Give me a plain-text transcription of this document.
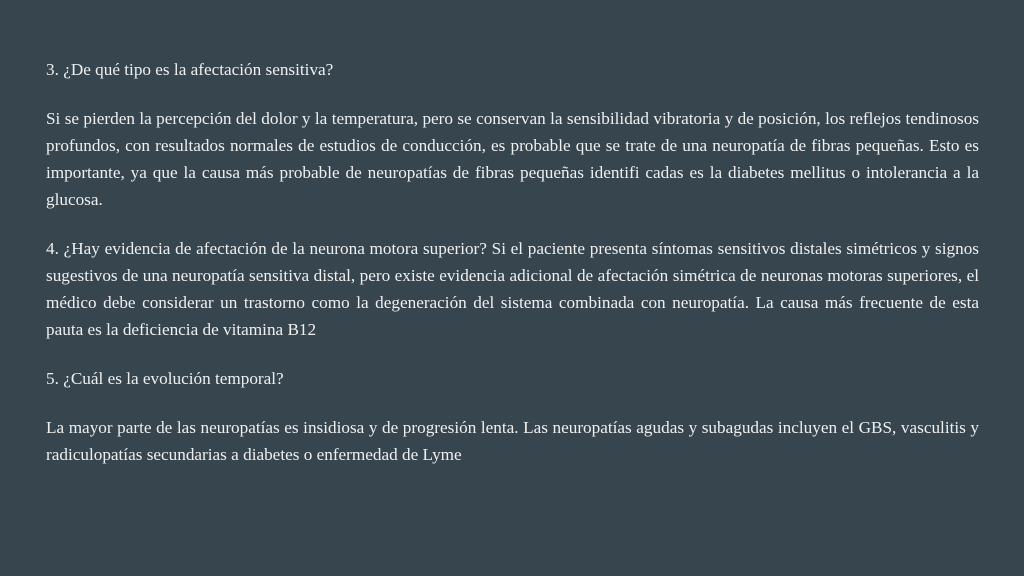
3. ¿De qué tipo es la afectación sensitiva?

Si se pierden la percepción del dolor y la temperatura, pero se conservan la sensibilidad vibratoria y de posición, los reflejos tendinosos profundos, con resultados normales de estudios de conducción, es probable que se trate de una neuropatía de fibras pequeñas. Esto es importante, ya que la causa más probable de neuropatías de fibras pequeñas identifi cadas es la diabetes mellitus o intolerancia a la glucosa.

4. ¿Hay evidencia de afectación de la neurona motora superior? Si el paciente presenta síntomas sensitivos distales simétricos y signos sugestivos de una neuropatía sensitiva distal, pero existe evidencia adicional de afectación simétrica de neuronas motoras superiores, el médico debe considerar un trastorno como la degeneración del sistema combinada con neuropatía. La causa más frecuente de esta pauta es la deficiencia de vitamina B12

5. ¿Cuál es la evolución temporal?

La mayor parte de las neuropatías es insidiosa y de progresión lenta. Las neuropatías agudas y subagudas incluyen el GBS, vasculitis y radiculopatías secundarias a diabetes o enfermedad de Lyme
